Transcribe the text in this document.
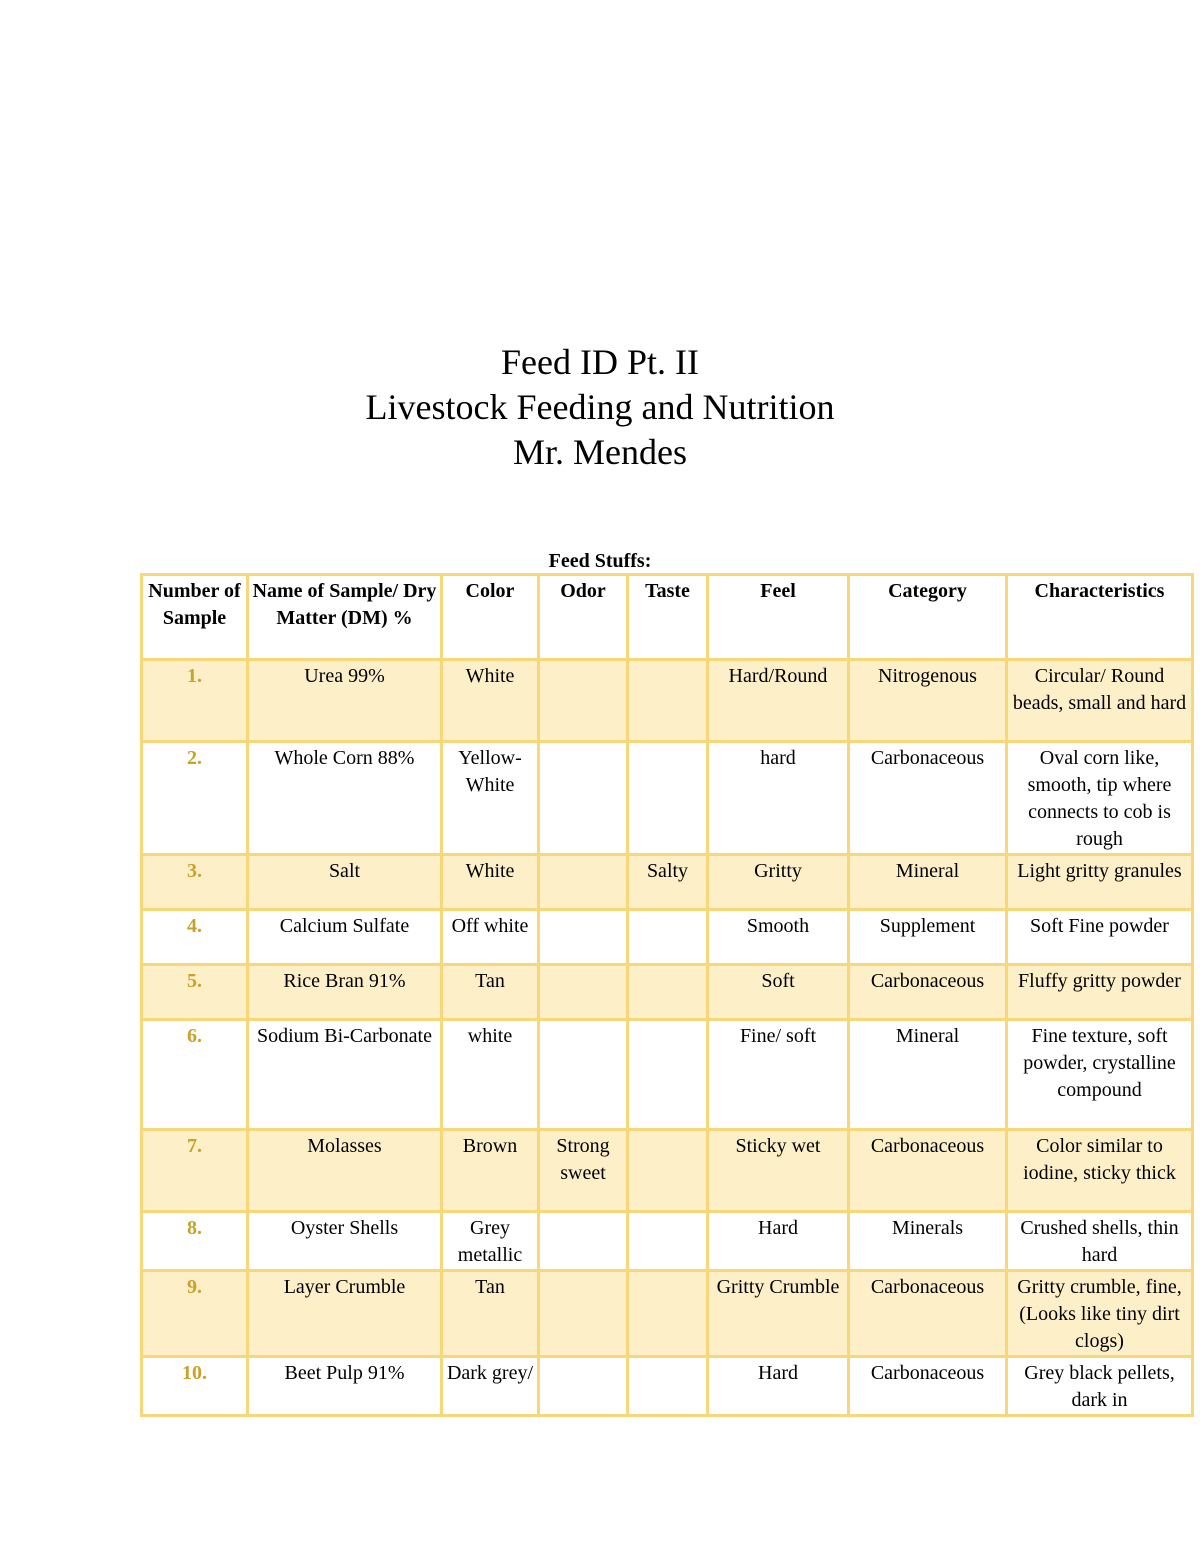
Feed ID Pt. II
Livestock Feeding and Nutrition
Mr. Mendes
Feed Stuffs:
Number of Sample	Name of Sample/ Dry Matter (DM) %	Color	Odor	Taste	Feel	Category	Characteristics
1.	Urea 99%	White			Hard/Round	Nitrogenous	Circular/ Round beads, small and hard
2.	Whole Corn 88%	Yellow- White			hard	Carbonaceous	Oval corn like, smooth, tip where connects to cob is rough
3.	Salt	White		Salty	Gritty	Mineral	Light gritty granules
4.	Calcium Sulfate	Off white			Smooth	Supplement	Soft Fine powder
5.	Rice Bran 91%	Tan			Soft	Carbonaceous	Fluffy gritty powder
6.	Sodium Bi-Carbonate	white			Fine/ soft	Mineral	Fine texture, soft powder, crystalline compound
7.	Molasses	Brown	Strong sweet		Sticky wet	Carbonaceous	Color similar to iodine, sticky thick
8.	Oyster Shells	Grey metallic			Hard	Minerals	Crushed shells, thin hard
9.	Layer Crumble	Tan			Gritty Crumble	Carbonaceous	Gritty crumble, fine, (Looks like tiny dirt clogs)
10.	Beet Pulp 91%	Dark grey/			Hard	Carbonaceous	Grey black pellets, dark in
